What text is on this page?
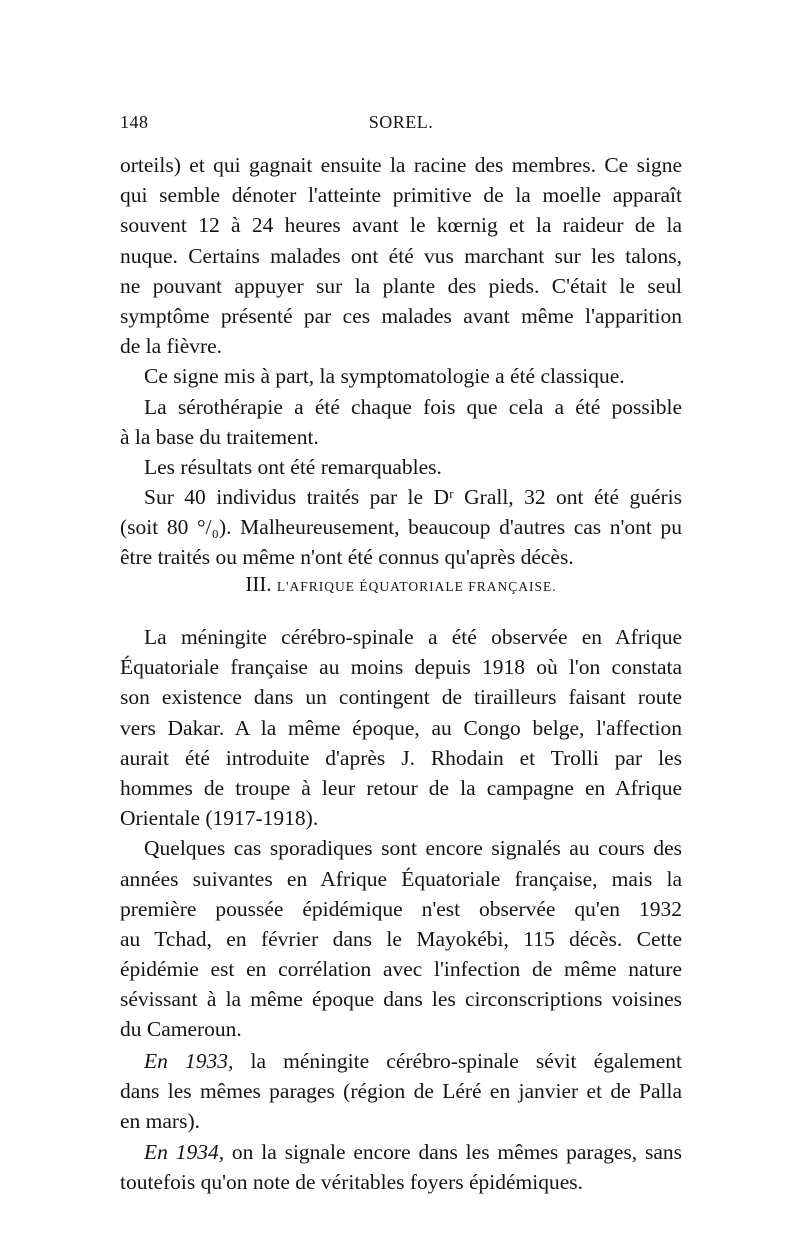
148	SOREL.
orteils) et qui gagnait ensuite la racine des membres. Ce signe
qui semble dénoter l'atteinte primitive de la moelle apparaît
souvent 12 à 24 heures avant le kœrnig et la raideur de la
nuque. Certains malades ont été vus marchant sur les talons,
ne pouvant appuyer sur la plante des pieds. C'était le seul
symptôme présenté par ces malades avant même l'apparition
de la fièvre.
Ce signe mis à part, la symptomatologie a été classique.
La sérothérapie a été chaque fois que cela a été possible
à la base du traitement.
Les résultats ont été remarquables.
Sur 40 individus traités par le Dʳ Grall, 32 ont été guéris
(soit 80 °/₀). Malheureusement, beaucoup d'autres cas n'ont pu
être traités ou même n'ont été connus qu'après décès.
III. L'AFRIQUE ÉQUATORIALE FRANÇAISE.
La méningite cérébro-spinale a été observée en Afrique
Équatoriale française au moins depuis 1918 où l'on constata
son existence dans un contingent de tirailleurs faisant route
vers Dakar. A la même époque, au Congo belge, l'affection
aurait été introduite d'après J. Rhodain et Trolli par les
hommes de troupe à leur retour de la campagne en Afrique
Orientale (1917-1918).
Quelques cas sporadiques sont encore signalés au cours des
années suivantes en Afrique Équatoriale française, mais la
première poussée épidémique n'est observée qu'en 1932
au Tchad, en février dans le Mayokébi, 115 décès. Cette
épidémie est en corrélation avec l'infection de même nature
sévissant à la même époque dans les circonscriptions voisines
du Cameroun.
En 1933, la méningite cérébro-spinale sévit également
dans les mêmes parages (région de Léré en janvier et de Palla
en mars).
En 1934, on la signale encore dans les mêmes parages, sans
toutefois qu'on note de véritables foyers épidémiques.
